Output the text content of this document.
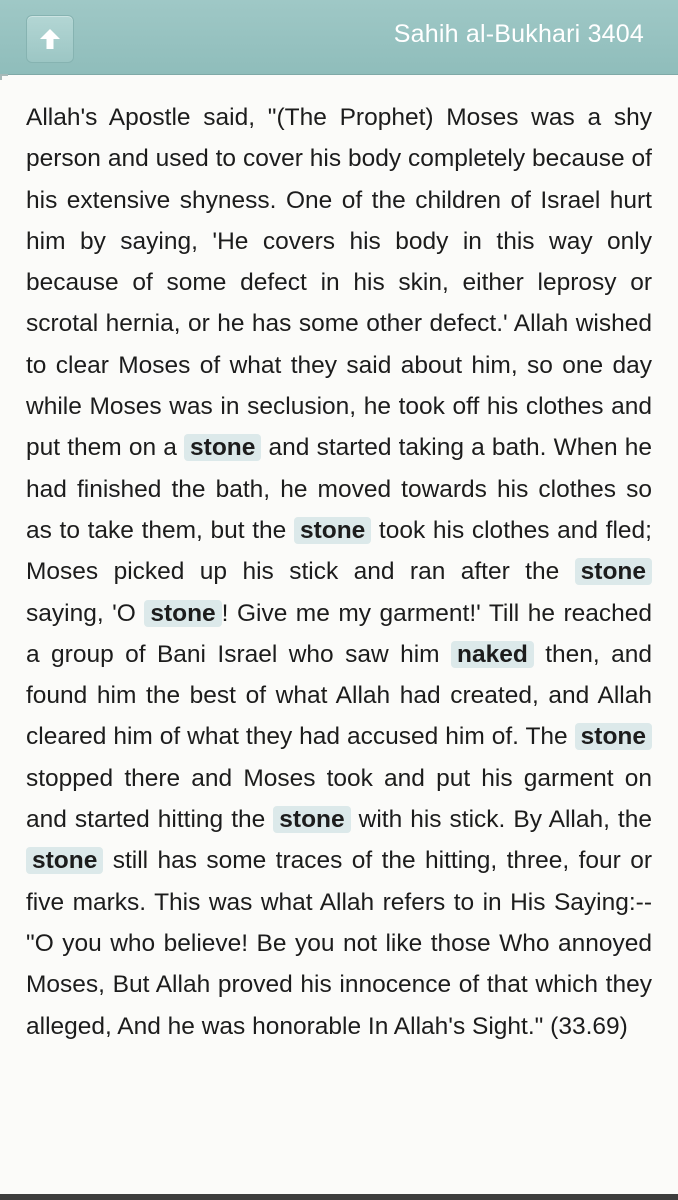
Sahih al-Bukhari 3404
Allah's Apostle said, "(The Prophet) Moses was a shy person and used to cover his body completely because of his extensive shyness. One of the children of Israel hurt him by saying, 'He covers his body in this way only because of some defect in his skin, either leprosy or scrotal hernia, or he has some other defect.' Allah wished to clear Moses of what they said about him, so one day while Moses was in seclusion, he took off his clothes and put them on a stone and started taking a bath. When he had finished the bath, he moved towards his clothes so as to take them, but the stone took his clothes and fled; Moses picked up his stick and ran after the stone saying, 'O stone ! Give me my garment!' Till he reached a group of Bani Israel who saw him naked then, and found him the best of what Allah had created, and Allah cleared him of what they had accused him of. The stone stopped there and Moses took and put his garment on and started hitting the stone with his stick. By Allah, the stone still has some traces of the hitting, three, four or five marks. This was what Allah refers to in His Saying:-- "O you who believe! Be you not like those Who annoyed Moses, But Allah proved his innocence of that which they alleged, And he was honorable In Allah's Sight." (33.69)
